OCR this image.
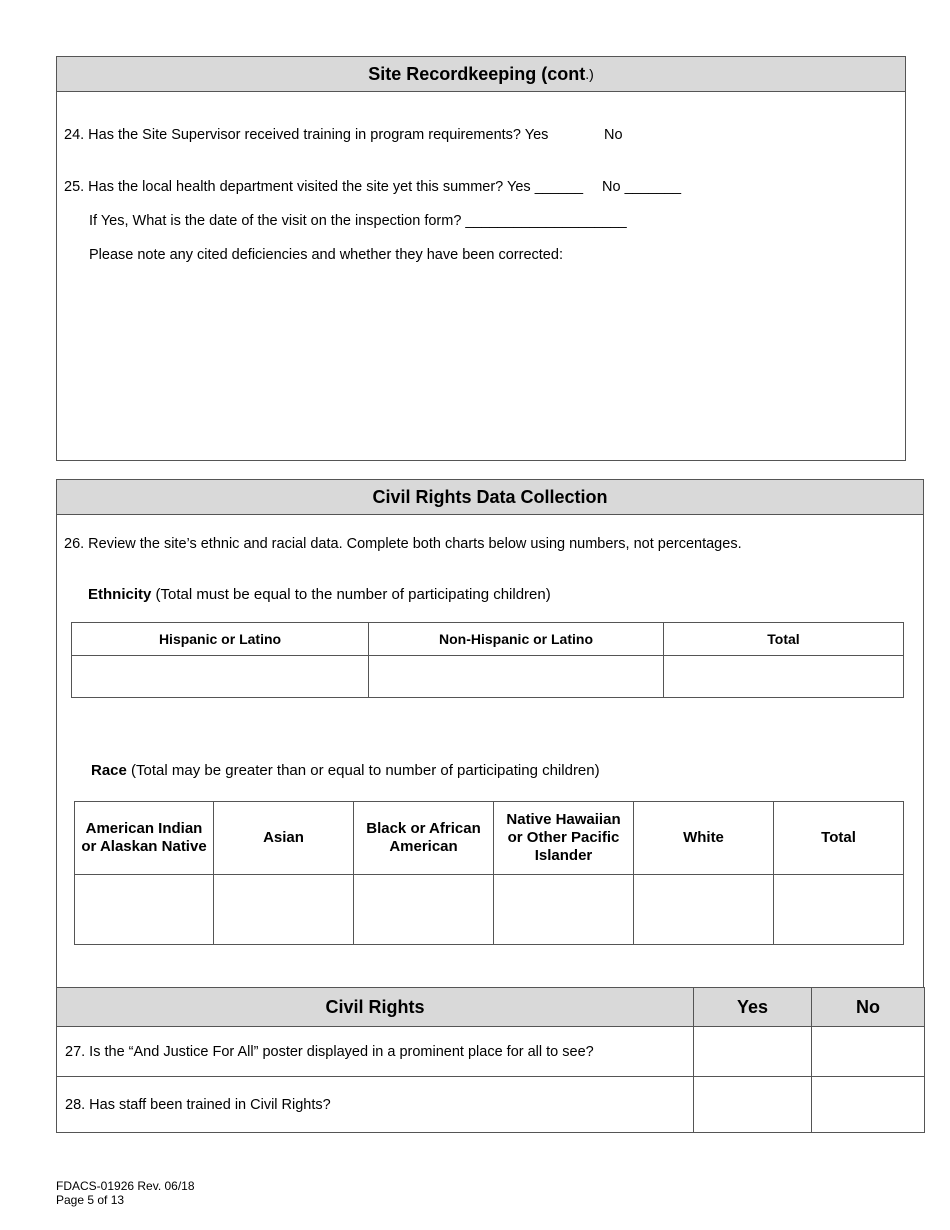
Site Recordkeeping (cont .)
24. Has the Site Supervisor received training in program requirements? Yes	No
25. Has the local health department visited the site yet this summer? Yes ______ No _______
If Yes, What is the date of the visit on the inspection form? ____________________
Please note any cited deficiencies and whether they have been corrected:
Civil Rights Data Collection
26. Review the site’s ethnic and racial data. Complete both charts below using numbers, not percentages.
Ethnicity (Total must be equal to the number of participating children)
Hispanic or Latino	Non-Hispanic or Latino	Total

Race (Total may be greater than or equal to number of participating children)
American Indian or Alaskan Native	Asian	Black or African American	Native Hawaiian or Other Pacific Islander	White	Total

Civil Rights	Yes	No
27. Is the “And Justice For All” poster displayed in a prominent place for all to see?		
28. Has staff been trained in Civil Rights?		
FDACS-01926 Rev. 06/18
Page 5 of 13
